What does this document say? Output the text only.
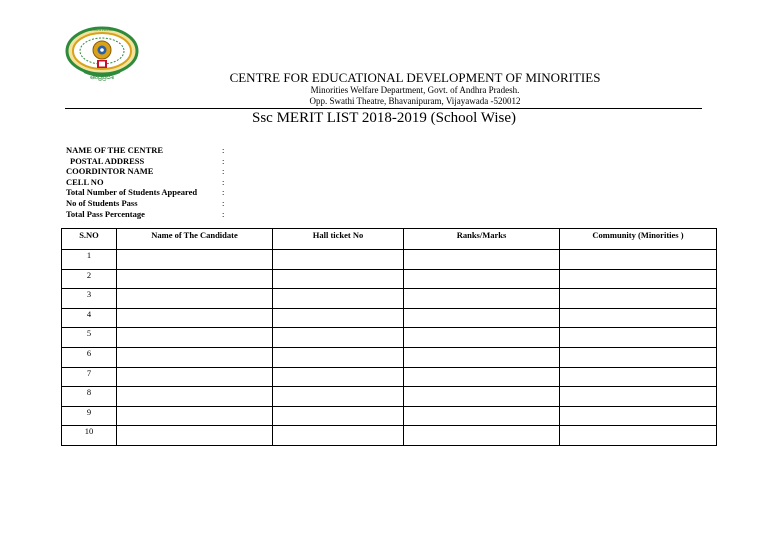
ఆంధ్రప్రదేశ్
ANDHRA PRADESH
CENTRE FOR EDUCATIONAL DEVELOPMENT OF MINORITIES
Minorities Welfare Department, Govt. of Andhra Pradesh.
Opp. Swathi Theatre, Bhavanipuram, Vijayawada -520012
Ssc MERIT LIST 2018-2019 (School Wise)
NAME OF THE CENTRE	:
POSTAL ADDRESS	:
COORDINTOR NAME	:
CELL NO	:
Total Number of Students Appeared	:
No of Students Pass	:
Total Pass Percentage	:
S.NO	Name of The Candidate	Hall ticket No	Ranks/Marks	Community (Minorities )
1				
2				
3				
4				
5				
6				
7				
8				
9				
10				
